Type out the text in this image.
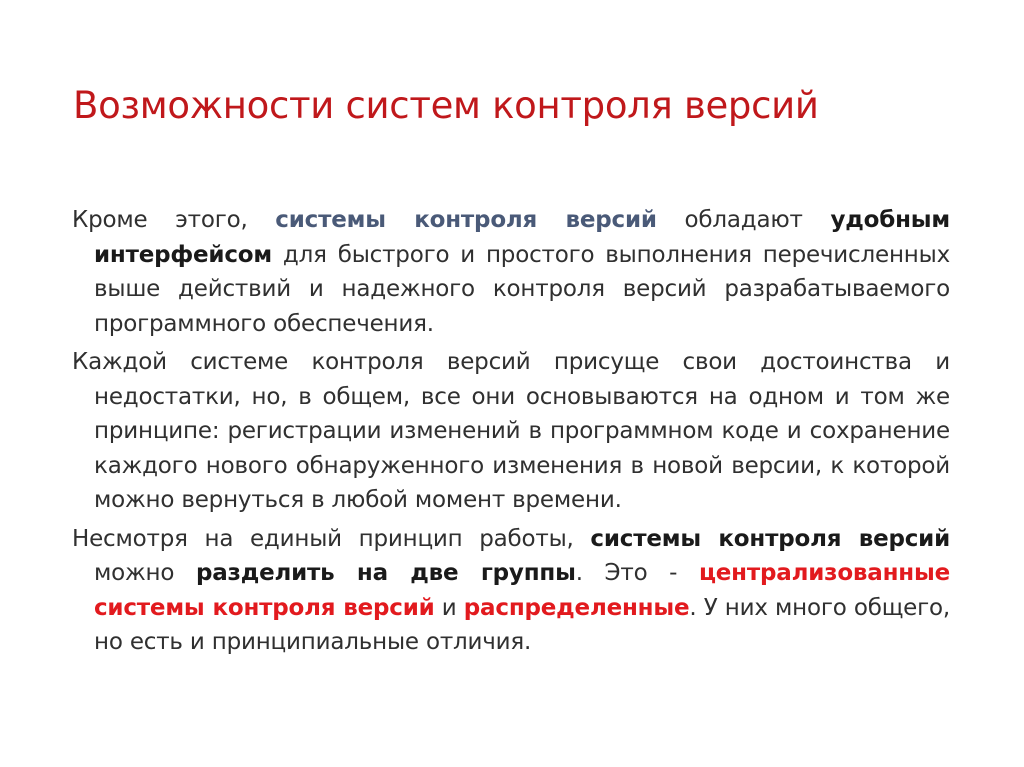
Возможности систем контроля версий

Кроме этого, системы контроля версий обладают удобным интерфейсом для быстрого и простого выполнения перечисленных выше действий и надежного контроля версий разрабатываемого программного обеспечения.

Каждой системе контроля версий присуще свои достоинства и недостатки, но, в общем, все они основываются на одном и том же принципе: регистрации изменений в программном коде и сохранение каждого нового обнаруженного изменения в новой версии, к которой можно вернуться в любой момент времени.

Несмотря на единый принцип работы, системы контроля версий можно разделить на две группы. Это - централизованные системы контроля версий и распределенные. У них много общего, но есть и принципиальные отличия.
